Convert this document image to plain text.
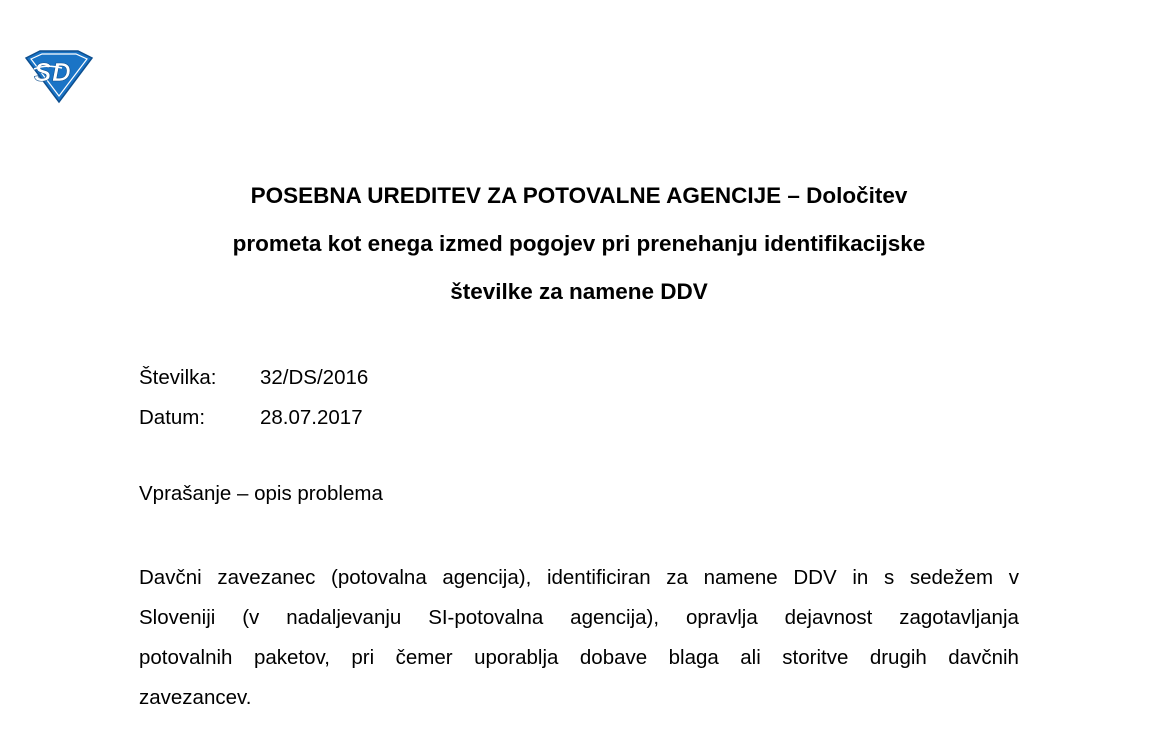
S D
POSEBNA UREDITEV ZA POTOVALNE AGENCIJE – Določitev
prometa kot enega izmed pogojev pri prenehanju identifikacijske
številke za namene DDV
Številka:	32/DS/2016
Datum:	28.07.2017
Vprašanje – opis problema
Davčni zavezanec (potovalna agencija), identificiran za namene DDV in s sedežem v
Sloveniji (v nadaljevanju SI-potovalna agencija), opravlja dejavnost zagotavljanja
potovalnih paketov, pri čemer uporablja dobave blaga ali storitve drugih davčnih
zavezancev.
